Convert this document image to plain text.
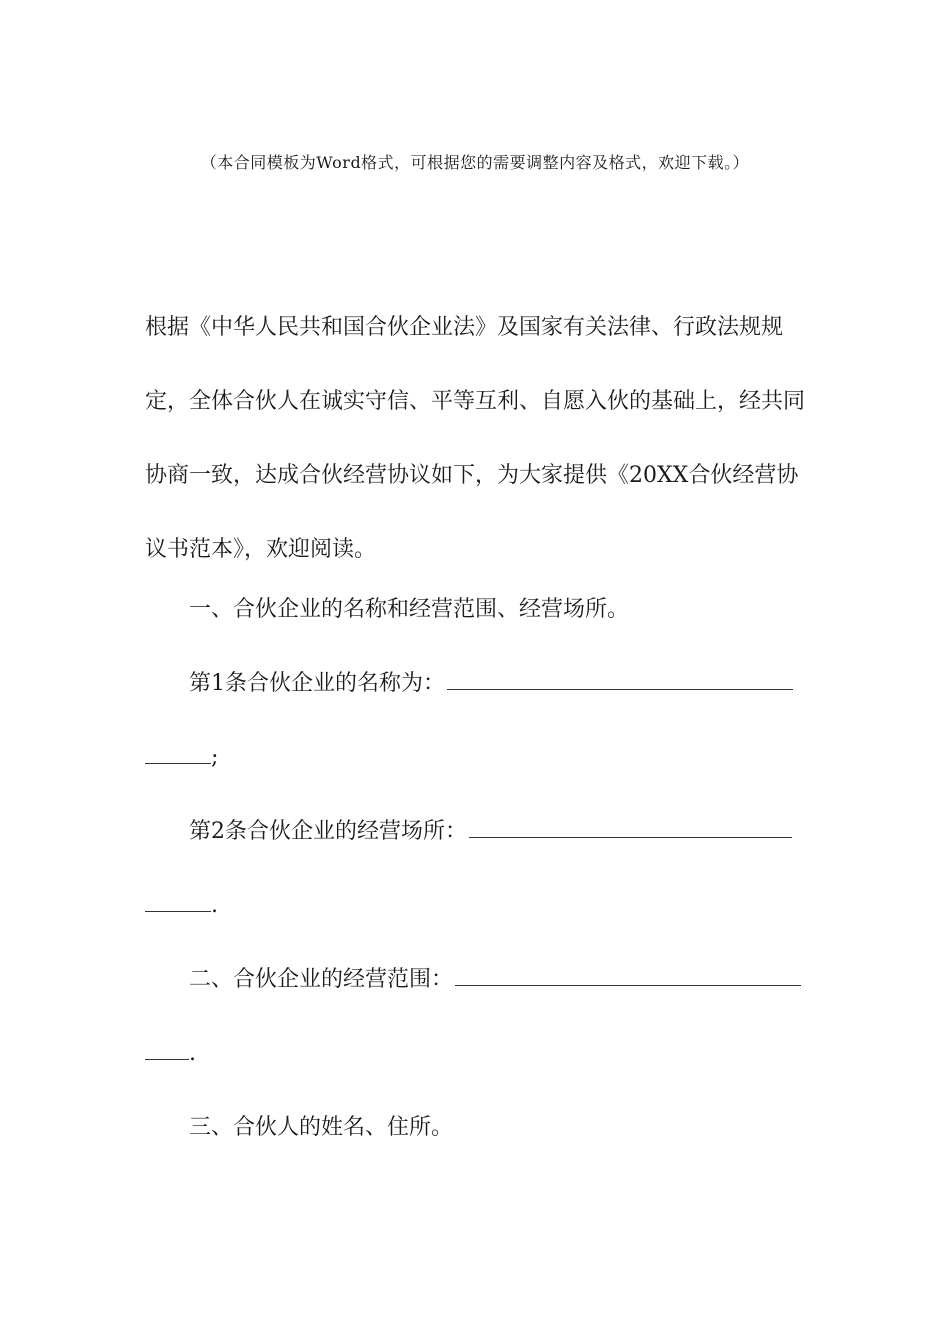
（本合同模板为Word格式，可根据您的需要调整内容及格式，欢迎下载。）

根据《中华人民共和国合伙企业法》及国家有关法律、行政法规规定，全体合伙人在诚实守信、平等互利、自愿入伙的基础上，经共同协商一致，达成合伙经营协议如下，为大家提供《20XX合伙经营协议书范本》，欢迎阅读。

一、合伙企业的名称和经营范围、经营场所。
第1条合伙企业的名称为：
;
第2条合伙企业的经营场所：
.
二、合伙企业的经营范围：
.
三、合伙人的姓名、住所。
